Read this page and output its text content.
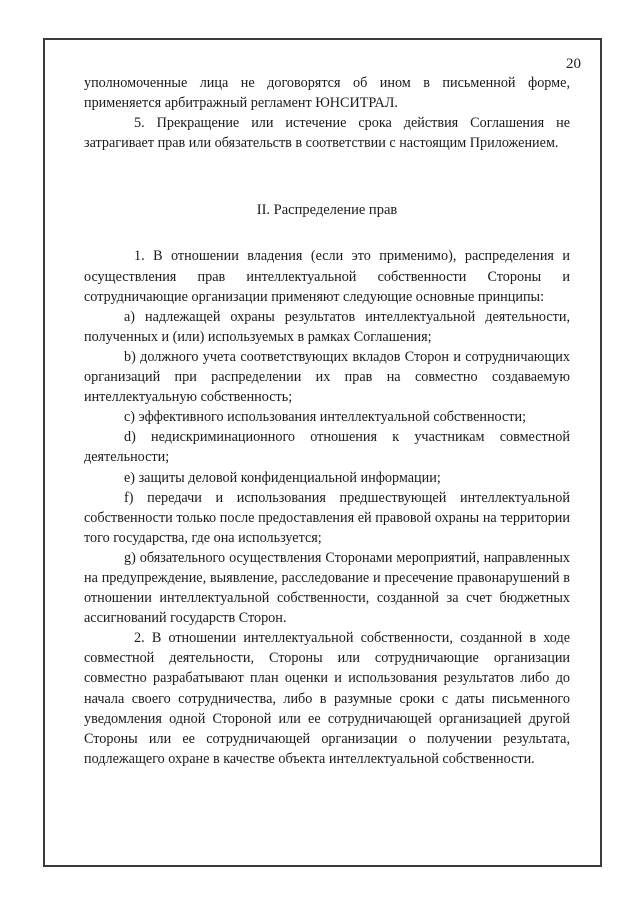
20

уполномоченные лица не договорятся об ином в письменной форме, применяется арбитражный регламент ЮНСИТРАЛ.

5. Прекращение или истечение срока действия Соглашения не затрагивает прав или обязательств в соответствии с настоящим Приложением.

II. Распределение прав

1. В отношении владения (если это применимо), распределения и осуществления прав интеллектуальной собственности Стороны и сотрудничающие организации применяют следующие основные принципы:

a) надлежащей охраны результатов интеллектуальной деятельности, полученных и (или) используемых в рамках Соглашения;

b) должного учета соответствующих вкладов Сторон и сотрудничающих организаций при распределении их прав на совместно создаваемую интеллектуальную собственность;

c) эффективного использования интеллектуальной собственности;

d) недискриминационного отношения к участникам совместной деятельности;

e) защиты деловой конфиденциальной информации;

f) передачи и использования предшествующей интеллектуальной собственности только после предоставления ей правовой охраны на территории того государства, где она используется;

g) обязательного осуществления Сторонами мероприятий, направленных на предупреждение, выявление, расследование и пресечение правонарушений в отношении интеллектуальной собственности, созданной за счет бюджетных ассигнований государств Сторон.

2. В отношении интеллектуальной собственности, созданной в ходе совместной деятельности, Стороны или сотрудничающие организации совместно разрабатывают план оценки и использования результатов либо до начала своего сотрудничества, либо в разумные сроки с даты письменного уведомления одной Стороной или ее сотрудничающей организацией другой Стороны или ее сотрудничающей организации о получении результата, подлежащего охране в качестве объекта интеллектуальной собственности.
